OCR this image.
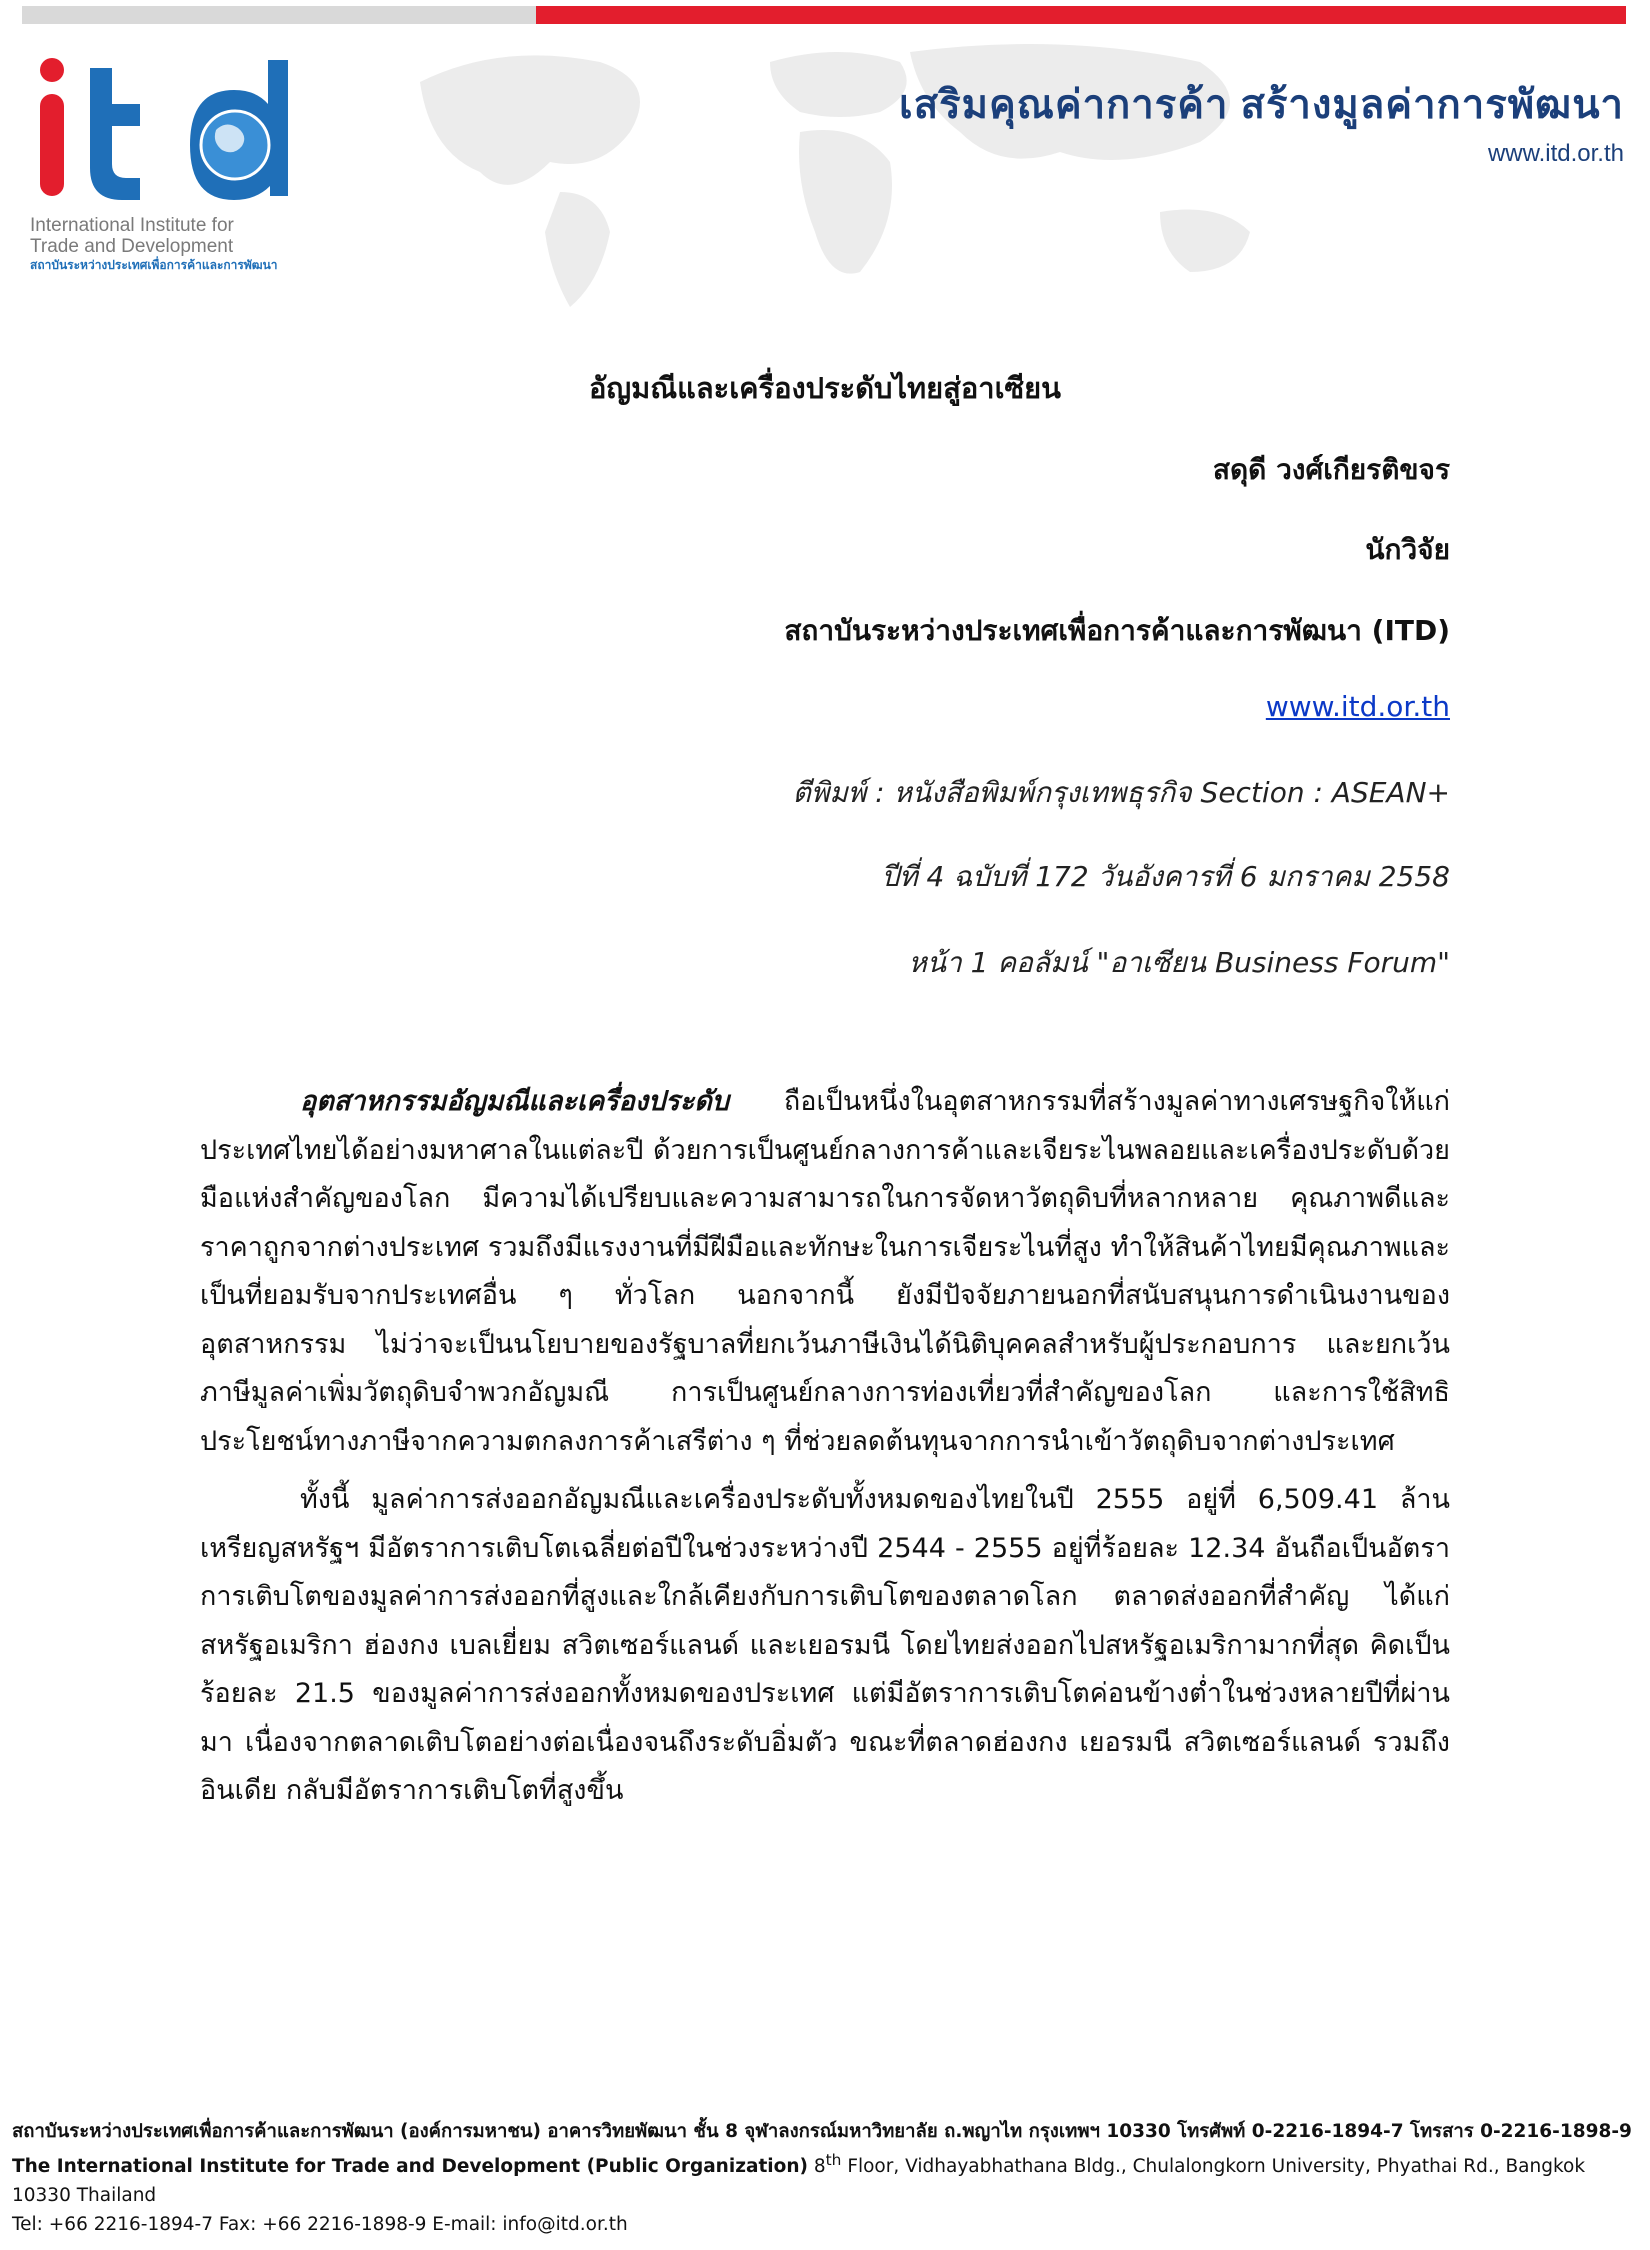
International Institute for
Trade and Development
สถาบันระหว่างประเทศเพื่อการค้าและการพัฒนา
เสริมคุณค่าการค้า สร้างมูลค่าการพัฒนา
www.itd.or.th
อัญมณีและเครื่องประดับไทยสู่อาเซียน
สดุดี วงศ์เกียรติขจร
นักวิจัย
สถาบันระหว่างประเทศเพื่อการค้าและการพัฒนา (ITD)
www.itd.or.th
ตีพิมพ์ : หนังสือพิมพ์กรุงเทพธุรกิจ Section : ASEAN+
ปีที่ 4 ฉบับที่ 172 วันอังคารที่ 6 มกราคม 2558
หน้า 1 คอลัมน์ "อาเซียน Business Forum"

อุตสาหกรรมอัญมณีและเครื่องประดับ ถือเป็นหนึ่งในอุตสาหกรรมที่สร้างมูลค่าทางเศรษฐกิจให้แก่ประเทศไทยได้อย่างมหาศาลในแต่ละปี ด้วยการเป็นศูนย์กลางการค้าและเจียระไนพลอยและเครื่องประดับด้วยมือแห่งสำคัญของโลก มีความได้เปรียบและความสามารถในการจัดหาวัตถุดิบที่หลากหลาย คุณภาพดีและราคาถูกจากต่างประเทศ รวมถึงมีแรงงานที่มีฝีมือและทักษะในการเจียระไนที่สูง ทำให้สินค้าไทยมีคุณภาพและเป็นที่ยอมรับจากประเทศอื่น ๆ ทั่วโลก นอกจากนี้ ยังมีปัจจัยภายนอกที่สนับสนุนการดำเนินงานของอุตสาหกรรม ไม่ว่าจะเป็นนโยบายของรัฐบาลที่ยกเว้นภาษีเงินได้นิติบุคคลสำหรับผู้ประกอบการ และยกเว้นภาษีมูลค่าเพิ่มวัตถุดิบจำพวกอัญมณี การเป็นศูนย์กลางการท่องเที่ยวที่สำคัญของโลก และการใช้สิทธิประโยชน์ทางภาษีจากความตกลงการค้าเสรีต่าง ๆ ที่ช่วยลดต้นทุนจากการนำเข้าวัตถุดิบจากต่างประเทศ

ทั้งนี้ มูลค่าการส่งออกอัญมณีและเครื่องประดับทั้งหมดของไทยในปี 2555 อยู่ที่ 6,509.41 ล้านเหรียญสหรัฐฯ มีอัตราการเติบโตเฉลี่ยต่อปีในช่วงระหว่างปี 2544 - 2555 อยู่ที่ร้อยละ 12.34 อันถือเป็นอัตราการเติบโตของมูลค่าการส่งออกที่สูงและใกล้เคียงกับการเติบโตของตลาดโลก ตลาดส่งออกที่สำคัญ ได้แก่ สหรัฐอเมริกา ฮ่องกง เบลเยี่ยม สวิตเซอร์แลนด์ และเยอรมนี โดยไทยส่งออกไปสหรัฐอเมริกามากที่สุด คิดเป็นร้อยละ 21.5 ของมูลค่าการส่งออกทั้งหมดของประเทศ แต่มีอัตราการเติบโตค่อนข้างต่ำในช่วงหลายปีที่ผ่านมา เนื่องจากตลาดเติบโตอย่างต่อเนื่องจนถึงระดับอิ่มตัว ขณะที่ตลาดฮ่องกง เยอรมนี สวิตเซอร์แลนด์ รวมถึงอินเดีย กลับมีอัตราการเติบโตที่สูงขึ้น

สถาบันระหว่างประเทศเพื่อการค้าและการพัฒนา (องค์การมหาชน) อาคารวิทยพัฒนา ชั้น 8 จุฬาลงกรณ์มหาวิทยาลัย ถ.พญาไท กรุงเทพฯ 10330 โทรศัพท์ 0-2216-1894-7 โทรสาร 0-2216-1898-9
The International Institute for Trade and Development (Public Organization) 8th Floor, Vidhayabhathana Bldg., Chulalongkorn University, Phyathai Rd., Bangkok 10330 Thailand
Tel: +66 2216-1894-7 Fax: +66 2216-1898-9 E-mail: info@itd.or.th
